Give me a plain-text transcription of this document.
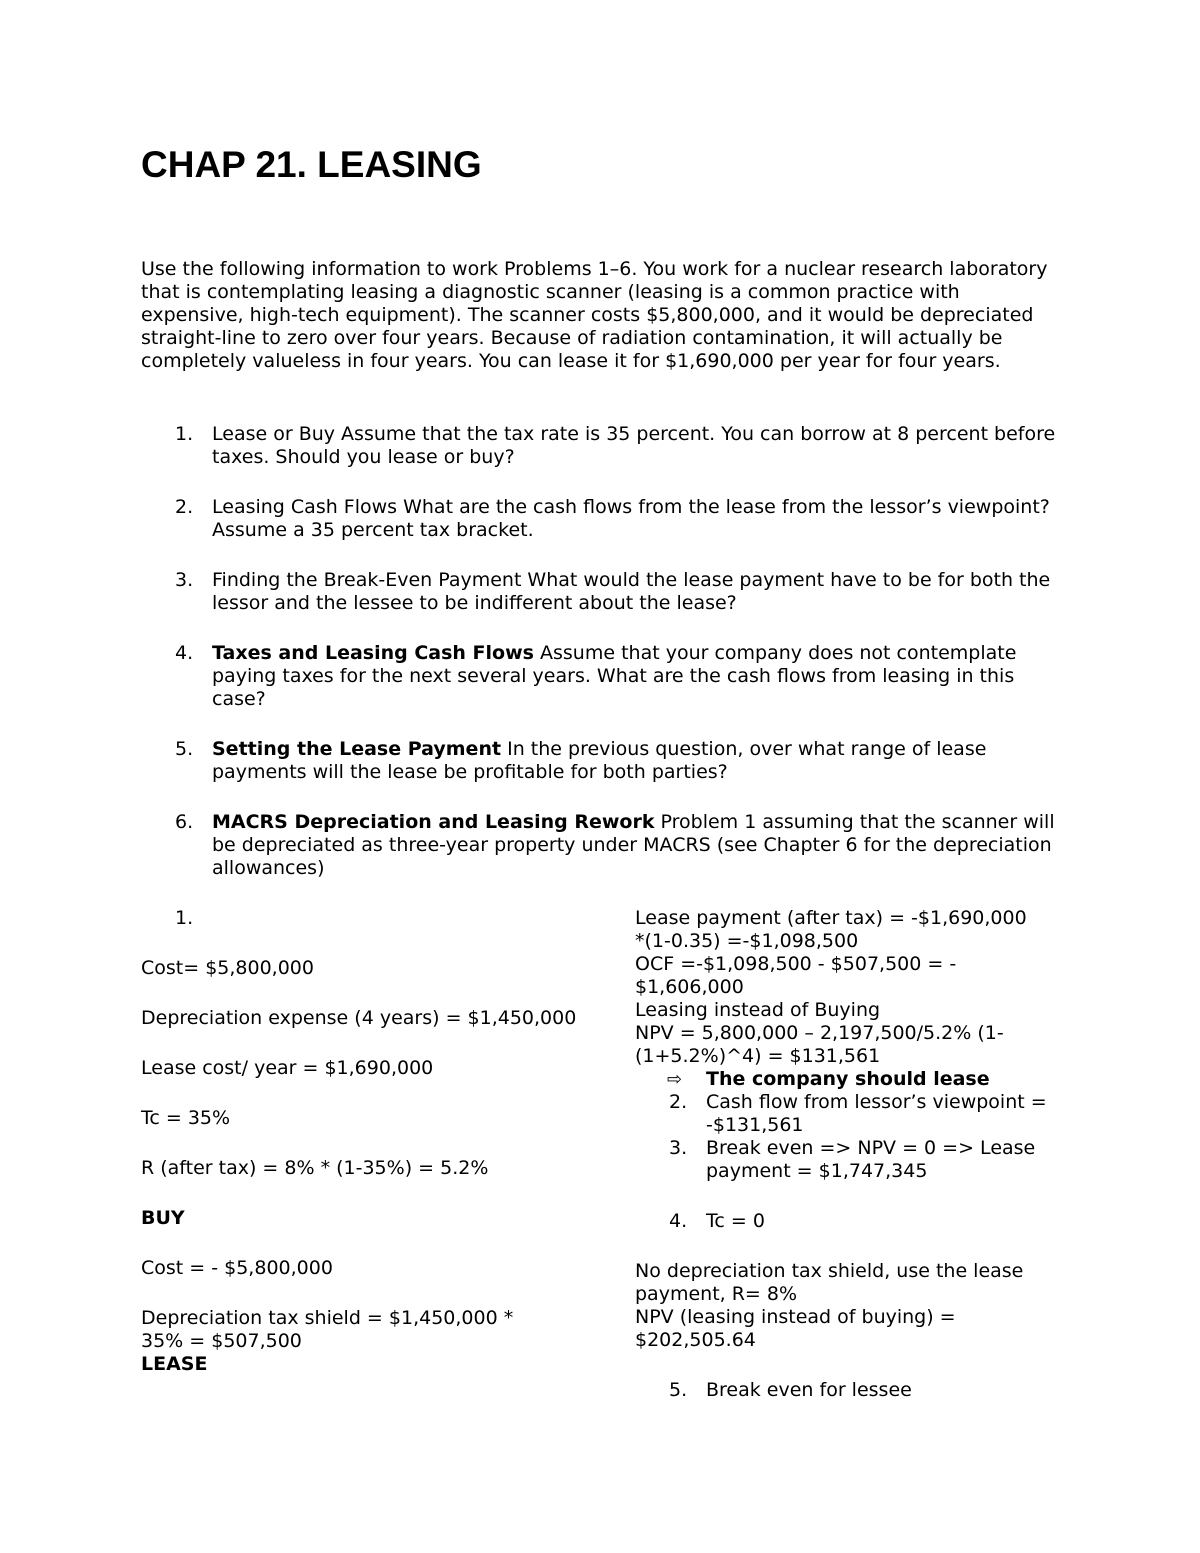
CHAP 21. LEASING

Use the following information to work Problems 1–6. You work for a nuclear research laboratory that is contemplating leasing a diagnostic scanner (leasing is a common practice with expensive, high-tech equipment). The scanner costs $5,800,000, and it would be depreciated straight-line to zero over four years. Because of radiation contamination, it will actually be completely valueless in four years. You can lease it for $1,690,000 per year for four years.

1. Lease or Buy Assume that the tax rate is 35 percent. You can borrow at 8 percent before taxes. Should you lease or buy?
2. Leasing Cash Flows What are the cash flows from the lease from the lessor’s viewpoint? Assume a 35 percent tax bracket.
3. Finding the Break-Even Payment What would the lease payment have to be for both the lessor and the lessee to be indifferent about the lease?
4. Taxes and Leasing Cash Flows Assume that your company does not contemplate paying taxes for the next several years. What are the cash flows from leasing in this case?
5. Setting the Lease Payment In the previous question, over what range of lease payments will the lease be profitable for both parties?
6. MACRS Depreciation and Leasing Rework Problem 1 assuming that the scanner will be depreciated as three-year property under MACRS (see Chapter 6 for the depreciation allowances)

1.

Cost= $5,800,000

Depreciation expense (4 years) = $1,450,000

Lease cost/ year = $1,690,000

Tc = 35%

R (after tax) = 8% * (1-35%) = 5.2%

BUY

Cost = - $5,800,000

Depreciation tax shield = $1,450,000 *

35% = $507,500

LEASE

Lease payment (after tax) = -$1,690,000

*(1-0.35) =-$1,098,500

OCF =-$1,098,500 - $507,500 = -

$1,606,000

Leasing instead of Buying

NPV = 5,800,000 – 2,197,500/5.2% (1-

(1+5.2%)^4) = $131,561

⇨ The company should lease

2. Cash flow from lessor’s viewpoint = -$131,561

3. Break even => NPV = 0 => Lease payment = $1,747,345

4. Tc = 0

No depreciation tax shield, use the lease payment, R= 8%

NPV (leasing instead of buying) =

$202,505.64

5. Break even for lessee
